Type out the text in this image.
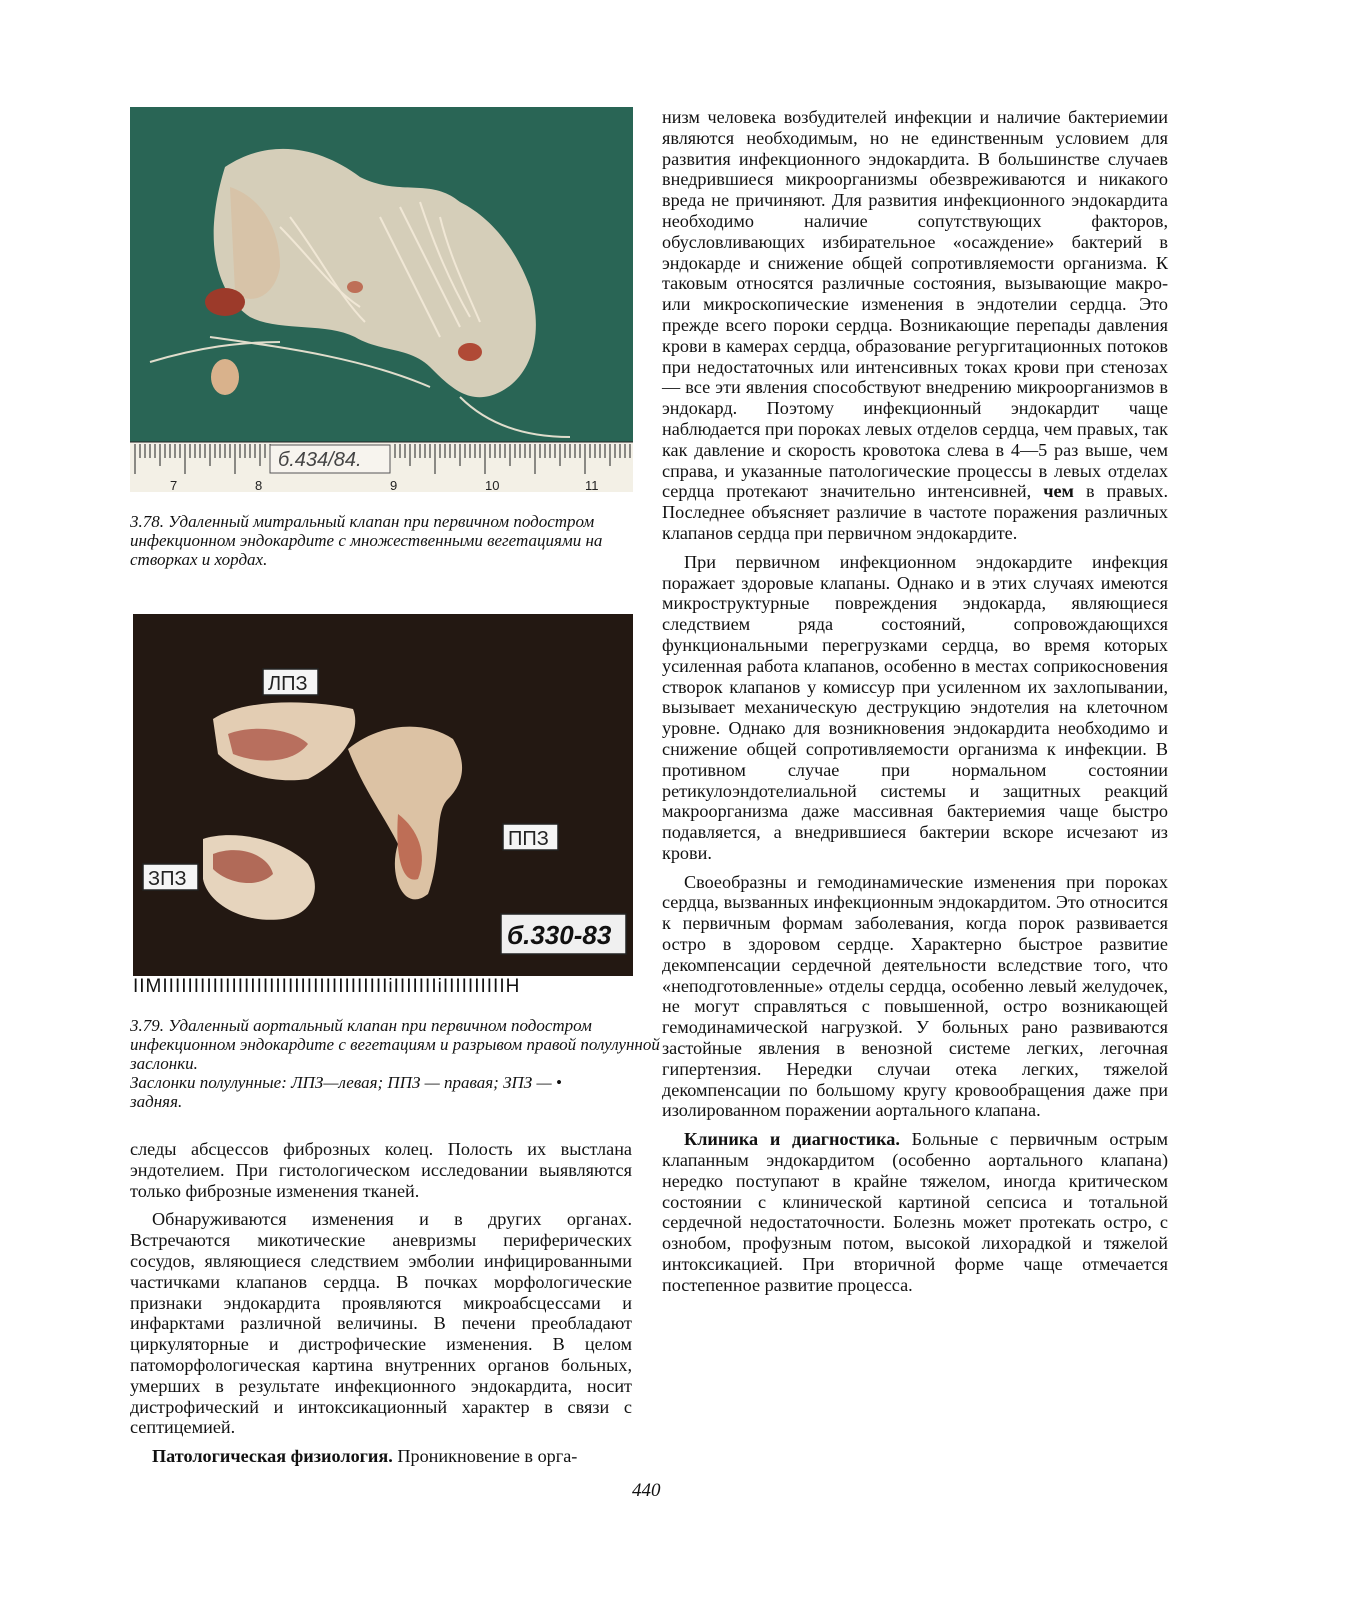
б.434/84.
7	8	9	10	11

3.78. Удаленный митральный клапан при первичном подостром инфекционном эндокардите с множественными вегетациями на створках и хордах.

ЛПЗ
ППЗ
ЗПЗ
б.330-83
IIMIIIIIIIIIIIIIIIIIIIIIIIIIIIIIIIIIIIIiIIIIIIIiIIIIIIIIIIH

3.79. Удаленный аортальный клапан при первичном подостром инфекционном эндокардите с вегетациям и разрывом правой полулунной заслонки.

Заслонки полулунные: ЛПЗ—левая; ППЗ — правая; ЗПЗ — • задняя.

следы абсцессов фиброзных колец. Полость их выстлана эндотелием. При гистологическом исследовании выявляются только фиброзные изменения тканей.

Обнаруживаются изменения и в других органах. Встречаются микотические аневризмы периферических сосудов, являющиеся следствием эмболии инфицированными частичками клапанов сердца. В почках морфологические признаки эндокардита проявляются микроабсцессами и инфарктами различной величины. В печени преобладают циркуляторные и дистрофические изменения. В целом патоморфологическая картина внутренних органов больных, умерших в результате инфекционного эндокардита, носит дистрофический и интоксикационный характер в связи с септицемией.

Патологическая физиология. Проникновение в орга-

низм человека возбудителей инфекции и наличие бактериемии являются необходимым, но не единственным условием для развития инфекционного эндокардита. В большинстве случаев внедрившиеся микроорганизмы обезвреживаются и никакого вреда не причиняют. Для развития инфекционного эндокардита необходимо наличие сопутствующих факторов, обусловливающих избирательное «осаждение» бактерий в эндокарде и снижение общей сопротивляемости организма. К таковым относятся различные состояния, вызывающие макро- или микроскопические изменения в эндотелии сердца. Это прежде всего пороки сердца. Возникающие перепады давления крови в камерах сердца, образование регургитационных потоков при недостаточных или интенсивных токах крови при стенозах — все эти явления способствуют внедрению микроорганизмов в эндокард. Поэтому инфекционный эндокардит чаще наблюдается при пороках левых отделов сердца, чем правых, так как давление и скорость кровотока слева в 4—5 раз выше, чем справа, и указанные патологические процессы в левых отделах сердца протекают значительно интенсивней, чем в правых. Последнее объясняет различие в частоте поражения различных клапанов сердца при первичном эндокардите.

При первичном инфекционном эндокардите инфекция поражает здоровые клапаны. Однако и в этих случаях имеются микроструктурные повреждения эндокарда, являющиеся следствием ряда состояний, сопровождающихся функциональными перегрузками сердца, во время которых усиленная работа клапанов, особенно в местах соприкосновения створок клапанов у комиссур при усиленном их захлопывании, вызывает механическую деструкцию эндотелия на клеточном уровне. Однако для возникновения эндокардита необходимо и снижение общей сопротивляемости организма к инфекции. В противном случае при нормальном состоянии ретикулоэндотелиальной системы и защитных реакций макроорганизма даже массивная бактериемия чаще быстро подавляется, а внедрившиеся бактерии вскоре исчезают из крови.

Своеобразны и гемодинамические изменения при пороках сердца, вызванных инфекционным эндокардитом. Это относится к первичным формам заболевания, когда порок развивается остро в здоровом сердце. Характерно быстрое развитие декомпенсации сердечной деятельности вследствие того, что «неподготовленные» отделы сердца, особенно левый желудочек, не могут справляться с повышенной, остро возникающей гемодинамической нагрузкой. У больных рано развиваются застойные явления в венозной системе легких, легочная гипертензия. Нередки случаи отека легких, тяжелой декомпенсации по большому кругу кровообращения даже при изолированном поражении аортального клапана.

Клиника и диагностика. Больные с первичным острым клапанным эндокардитом (особенно аортального клапана) нередко поступают в крайне тяжелом, иногда критическом состоянии с клинической картиной сепсиса и тотальной сердечной недостаточности. Болезнь может протекать остро, с ознобом, профузным потом, высокой лихорадкой и тяжелой интоксикацией. При вторичной форме чаще отмечается постепенное развитие процесса.

440
